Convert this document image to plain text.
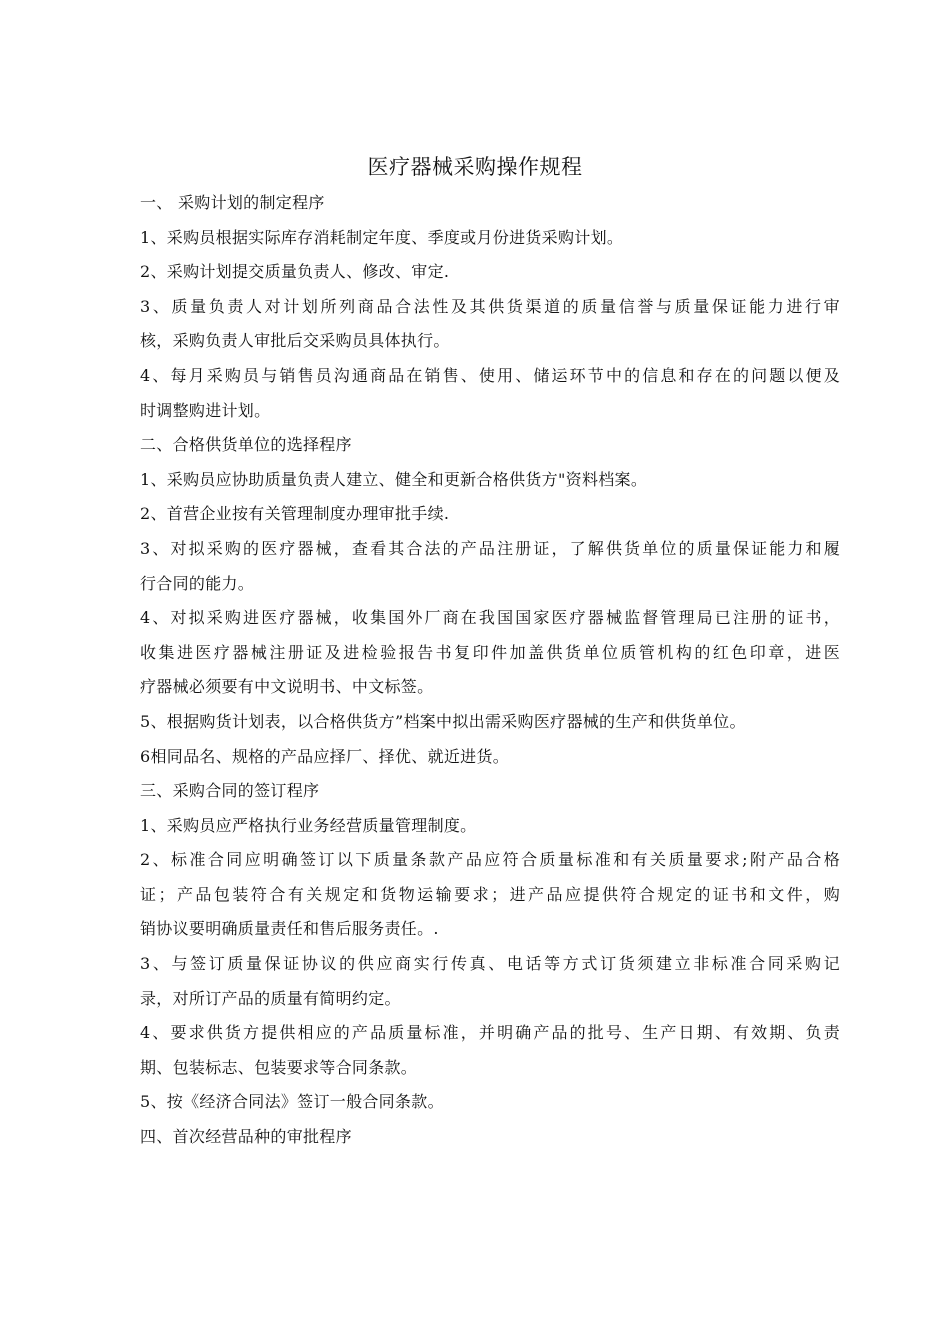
医疗器械采购操作规程
一、 采购计划的制定程序
1、采购员根据实际库存消耗制定年度、季度或月份进货采购计划。
2、采购计划提交质量负责人、修改、审定.
3、质量负责人对计划所列商品合法性及其供货渠道的质量信誉与质量保证能力进行审
核，采购负责人审批后交采购员具体执行。
4、每月采购员与销售员沟通商品在销售、使用、储运环节中的信息和存在的问题以便及
时调整购进计划。
二、合格供货单位的选择程序
1、采购员应协助质量负责人建立、健全和更新合格供货方"资料档案。
2、首营企业按有关管理制度办理审批手续.
3、对拟采购的医疗器械，查看其合法的产品注册证，了解供货单位的质量保证能力和履
行合同的能力。
4、对拟采购进医疗器械，收集国外厂商在我国国家医疗器械监督管理局已注册的证书，
收集进医疗器械注册证及进检验报告书复印件加盖供货单位质管机构的红色印章，进医
疗器械必须要有中文说明书、中文标签。
5、根据购货计划表，以合格供货方”档案中拟出需采购医疗器械的生产和供货单位。
6相同品名、规格的产品应择厂、择优、就近进货。
三、采购合同的签订程序
1、采购员应严格执行业务经营质量管理制度。
2、标准合同应明确签订以下质量条款产品应符合质量标准和有关质量要求;附产品合格
证；产品包装符合有关规定和货物运输要求；进产品应提供符合规定的证书和文件，购
销协议要明确质量责任和售后服务责任。.
3、与签订质量保证协议的供应商实行传真、电话等方式订货须建立非标准合同采购记
录，对所订产品的质量有简明约定。
4、要求供货方提供相应的产品质量标准，并明确产品的批号、生产日期、有效期、负责
期、包装标志、包装要求等合同条款。
5、按《经济合同法》签订一般合同条款。
四、首次经营品种的审批程序
